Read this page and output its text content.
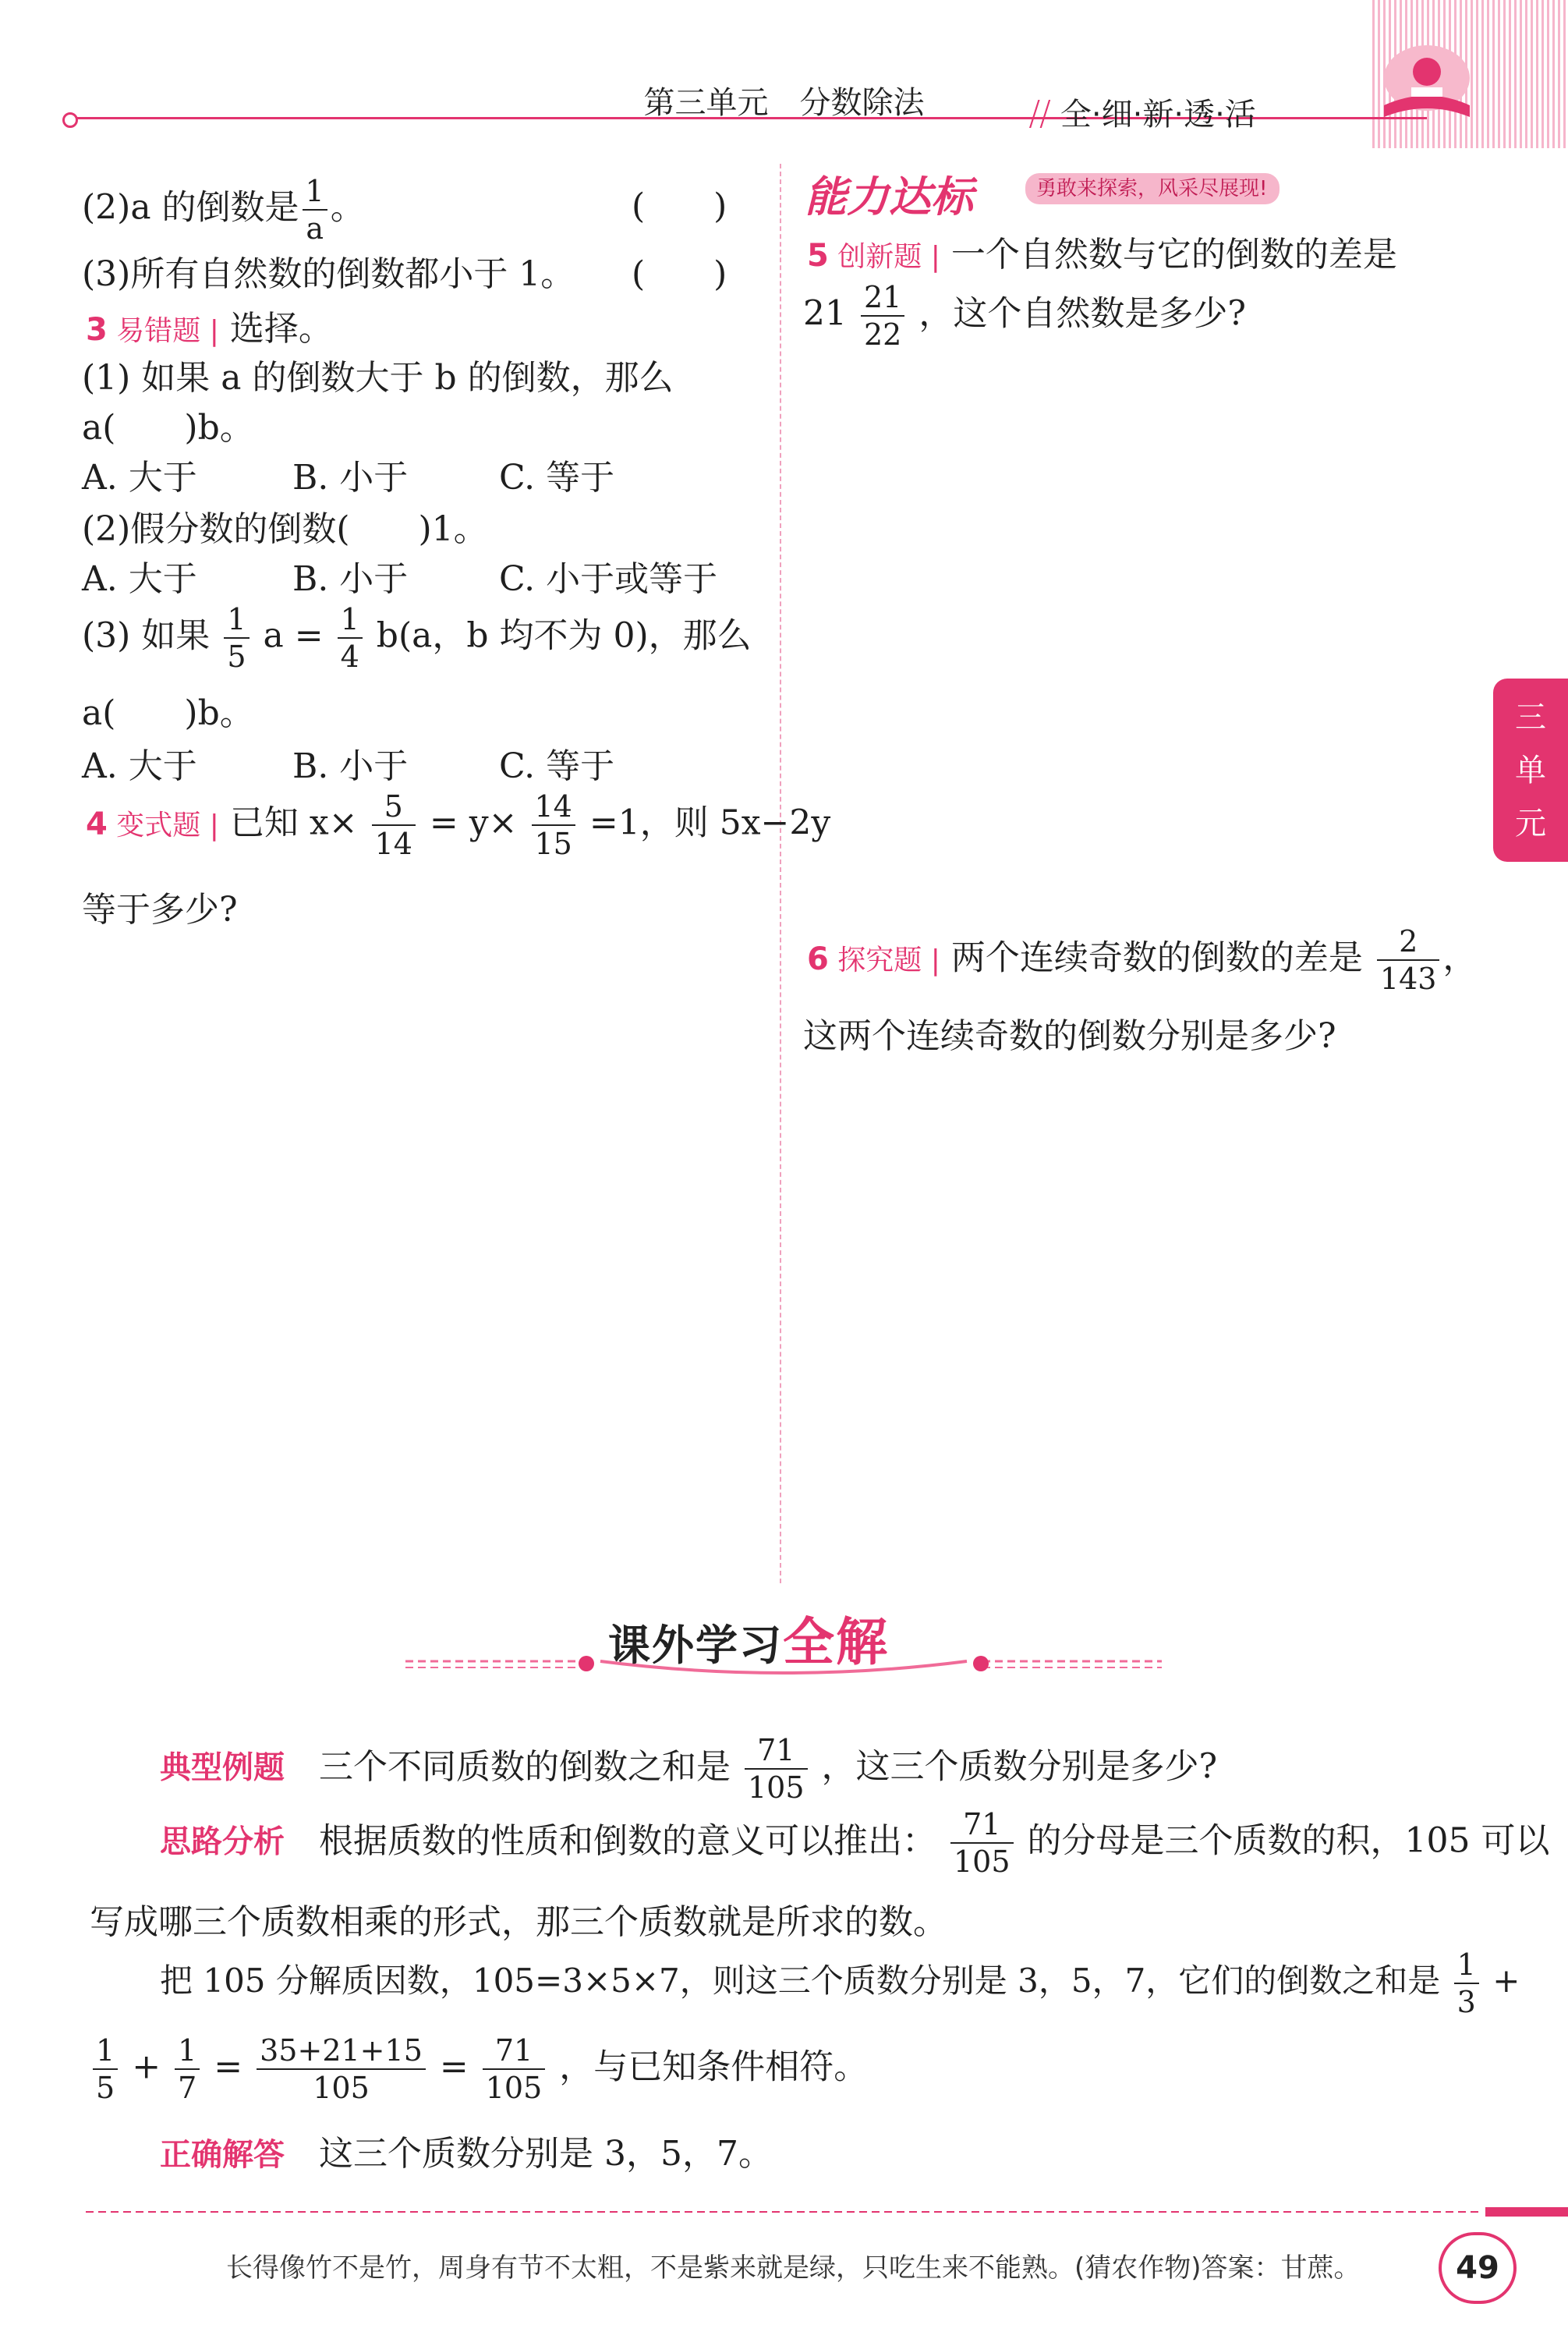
第三单元　分数除法	⧸⧸ 全·细·新·透·活
(2)a 的倒数是 $\frac{1}{a}$ 。	(　　)
(3)所有自然数的倒数都小于 1。 (　　)
3 易错题 | 选择。
(1) 如果 a 的倒数大于 b 的倒数，那么
a(　　)b。
A. 大于	B. 小于	C. 等于
(2)假分数的倒数(　　)1。
A. 大于	B. 小于	C. 小于或等于
(3) 如果 $\frac{1}{5}$ $a = \frac{1}{4} b(a$，b 均不为 0)，那么
a(　　)b。
A. 大于	B. 小于	C. 等于
4 变式题 | 已知 $x\times \frac{5}{14} = y\times \frac{14}{15} =1$，则 5x−2y
等于多少?
能力达标	勇敢来探索，风采尽展现!
5 创新题 | 一个自然数与它的倒数的差是
$21 \frac{21}{22}$ ，这个自然数是多少?
三
单
元
6 探究题 | 两个连续奇数的倒数的差是 $\frac{2}{143}$ ，
这两个连续奇数的倒数分别是多少?
课外学习全解
典型例题 三个不同质数的倒数之和是 $\frac{71}{105}$ ，这三个质数分别是多少?
思路分析 根据质数的性质和倒数的意义可以推出： $\frac{71}{105}$ 的分母是三个质数的积，105 可以
写成哪三个质数相乘的形式，那三个质数就是所求的数。
把 105 分解质因数，105=3×5×7，则这三个质数分别是 3，5，7，它们的倒数之和是 $\frac{1}{3}$ +
$\frac{1}{5} + \frac{1}{7} = \frac{35+21+15}{105} = \frac{71}{105}$ ，与已知条件相符。
正确解答 这三个质数分别是 3，5，7。
长得像竹不是竹，周身有节不太粗，不是紫来就是绿，只吃生来不能熟。(猜农作物)答案：甘蔗。	49
